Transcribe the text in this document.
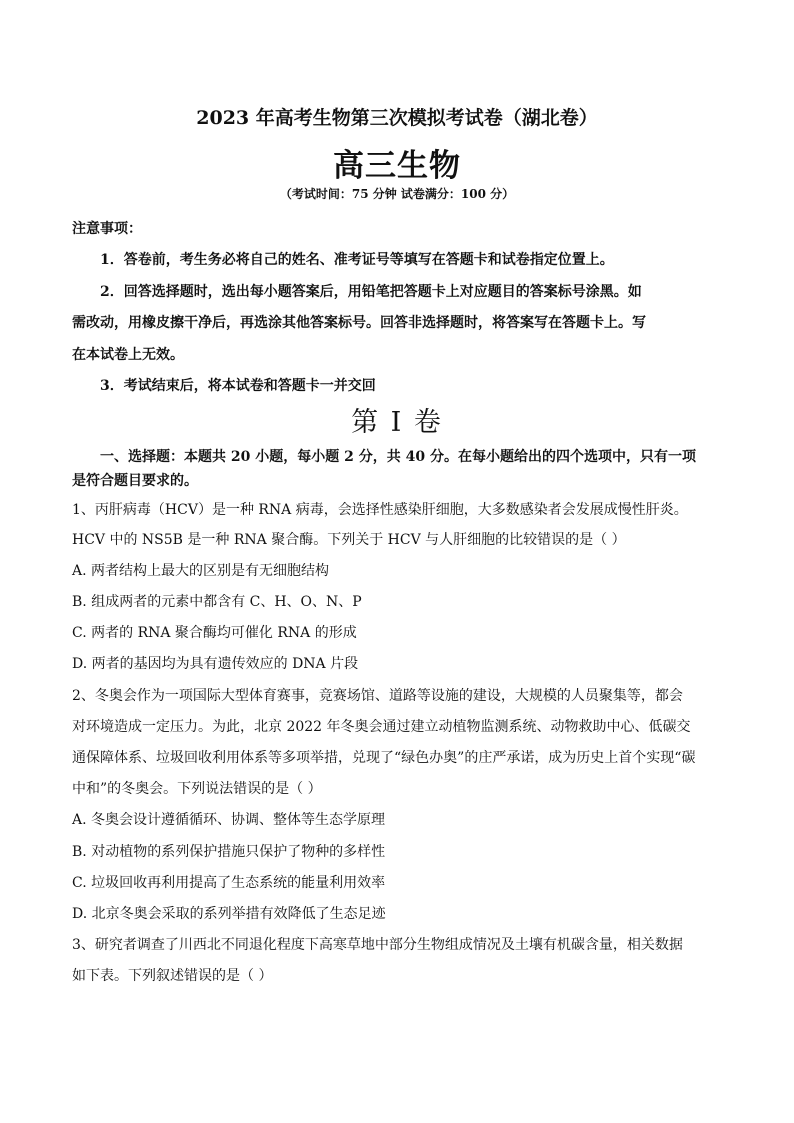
2023 年高考生物第三次模拟考试卷（湖北卷）
高三生物
（考试时间：75 分钟 试卷满分：100 分）
注意事项：
1．答卷前，考生务必将自己的姓名、准考证号等填写在答题卡和试卷指定位置上。
2．回答选择题时，选出每小题答案后，用铅笔把答题卡上对应题目的答案标号涂黑。如
需改动，用橡皮擦干净后，再选涂其他答案标号。回答非选择题时，将答案写在答题卡上。写
在本试卷上无效。
3．考试结束后，将本试卷和答题卡一并交回
第 I 卷
一、选择题：本题共 20 小题，每小题 2 分，共 40 分。在每小题给出的四个选项中，只有一项
是符合题目要求的。
1、丙肝病毒（HCV）是一种 RNA 病毒，会选择性感染肝细胞，大多数感染者会发展成慢性肝炎。
HCV 中的 NS5B 是一种 RNA 聚合酶。下列关于 HCV 与人肝细胞的比较错误的是（ ）
A. 两者结构上最大的区别是有无细胞结构
B. 组成两者的元素中都含有 C、H、O、N、P
C. 两者的 RNA 聚合酶均可催化 RNA 的形成
D. 两者的基因均为具有遗传效应的 DNA 片段
2、冬奥会作为一项国际大型体育赛事，竞赛场馆、道路等设施的建设，大规模的人员聚集等，都会
对环境造成一定压力。为此，北京 2022 年冬奥会通过建立动植物监测系统、动物救助中心、低碳交
通保障体系、垃圾回收利用体系等多项举措，兑现了“绿色办奥”的庄严承诺，成为历史上首个实现“碳
中和”的冬奥会。下列说法错误的是（ ）
A. 冬奥会设计遵循循环、协调、整体等生态学原理
B. 对动植物的系列保护措施只保护了物种的多样性
C. 垃圾回收再利用提高了生态系统的能量利用效率
D. 北京冬奥会采取的系列举措有效降低了生态足迹
3、研究者调查了川西北不同退化程度下高寒草地中部分生物组成情况及土壤有机碳含量，相关数据
如下表。下列叙述错误的是（ ）
